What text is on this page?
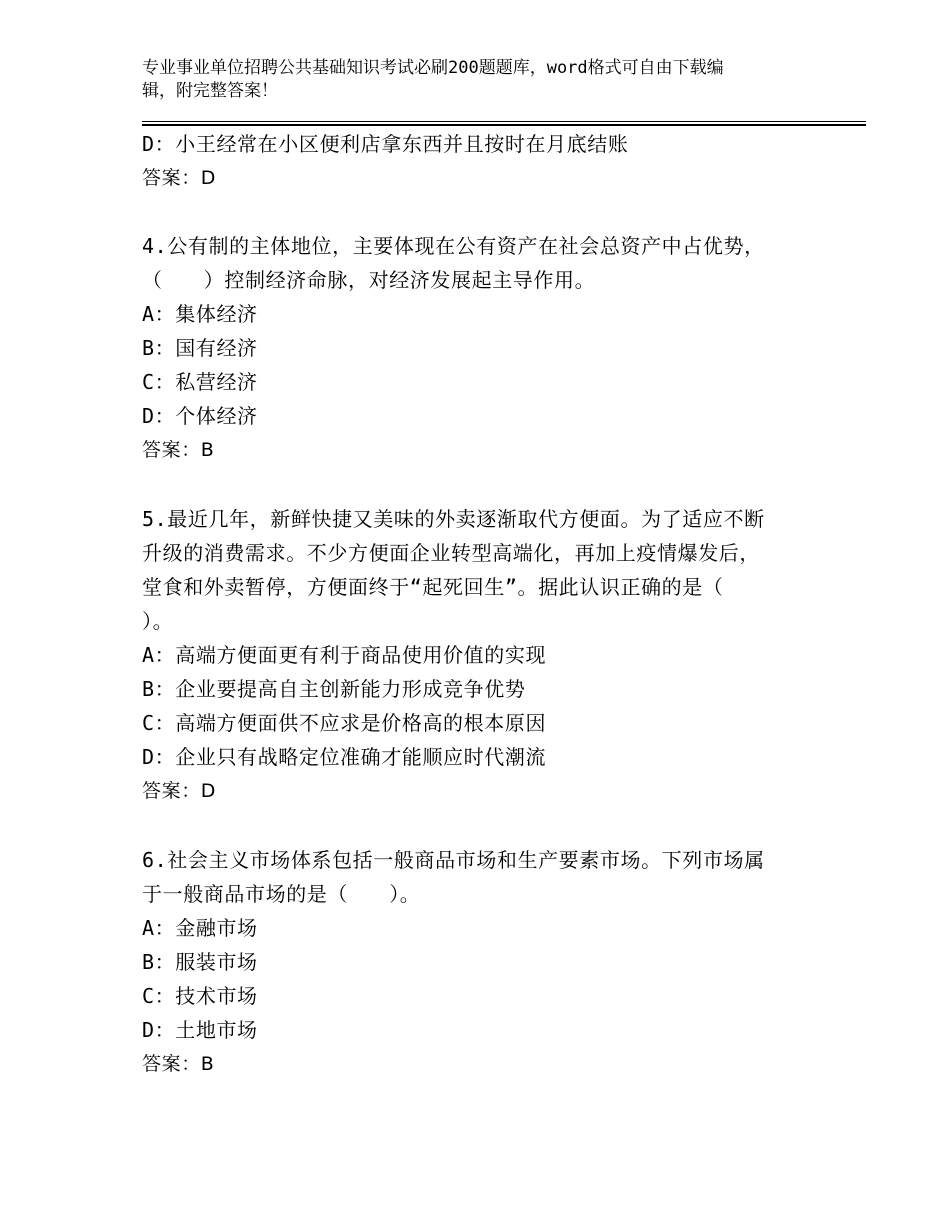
专业事业单位招聘公共基础知识考试必刷200题题库，word格式可自由下载编
辑，附完整答案！
D：小王经常在小区便利店拿东西并且按时在月底结账
答案：D
4.公有制的主体地位，主要体现在公有资产在社会总资产中占优势，
（　　）控制经济命脉，对经济发展起主导作用。
A：集体经济
B：国有经济
C：私营经济
D：个体经济
答案：B
5.最近几年，新鲜快捷又美味的外卖逐渐取代方便面。为了适应不断
升级的消费需求。不少方便面企业转型高端化，再加上疫情爆发后，
堂食和外卖暂停，方便面终于“起死回生”。据此认识正确的是（
）。
A：高端方便面更有利于商品使用价值的实现
B：企业要提高自主创新能力形成竞争优势
C：高端方便面供不应求是价格高的根本原因
D：企业只有战略定位准确才能顺应时代潮流
答案：D
6.社会主义市场体系包括一般商品市场和生产要素市场。下列市场属
于一般商品市场的是（　　）。
A：金融市场
B：服装市场
C：技术市场
D：土地市场
答案：B
